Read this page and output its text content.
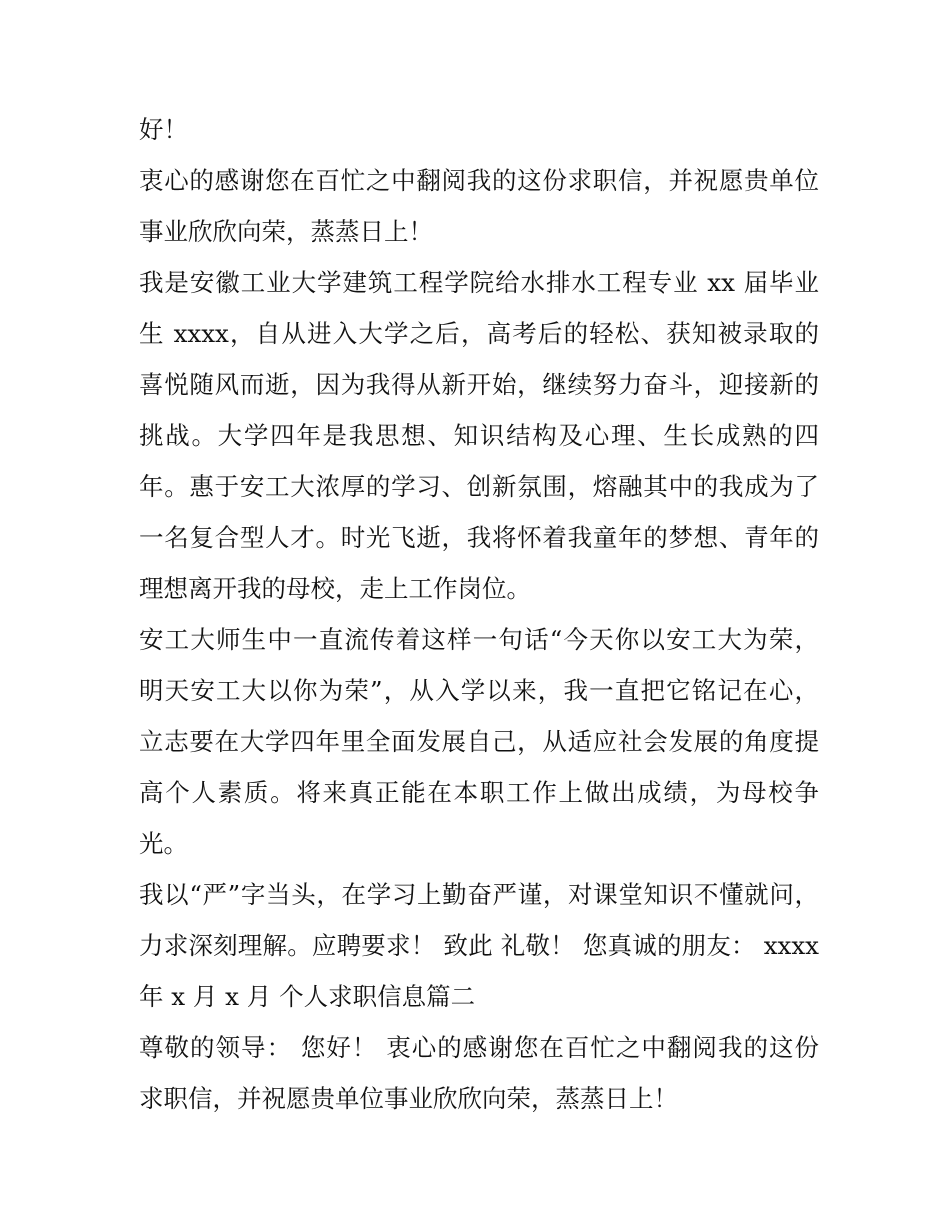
好！
衷心的感谢您在百忙之中翻阅我的这份求职信，并祝愿贵单位
事业欣欣向荣，蒸蒸日上！
我是安徽工业大学建筑工程学院给水排水工程专业 xx 届毕业
生 xxxx，自从进入大学之后，高考后的轻松、获知被录取的
喜悦随风而逝，因为我得从新开始，继续努力奋斗，迎接新的
挑战。大学四年是我思想、知识结构及心理、生长成熟的四
年。惠于安工大浓厚的学习、创新氛围，熔融其中的我成为了
一名复合型人才。时光飞逝，我将怀着我童年的梦想、青年的
理想离开我的母校，走上工作岗位。
安工大师生中一直流传着这样一句话“今天你以安工大为荣，
明天安工大以你为荣”，从入学以来，我一直把它铭记在心，
立志要在大学四年里全面发展自己，从适应社会发展的角度提
高个人素质。将来真正能在本职工作上做出成绩，为母校争
光。
我以“严”字当头，在学习上勤奋严谨，对课堂知识不懂就问，
力求深刻理解。应聘要求！ 致此 礼敬！ 您真诚的朋友： xxxx
年 x 月 x 月 个人求职信息篇二
尊敬的领导： 您好！ 衷心的感谢您在百忙之中翻阅我的这份
求职信，并祝愿贵单位事业欣欣向荣，蒸蒸日上！
